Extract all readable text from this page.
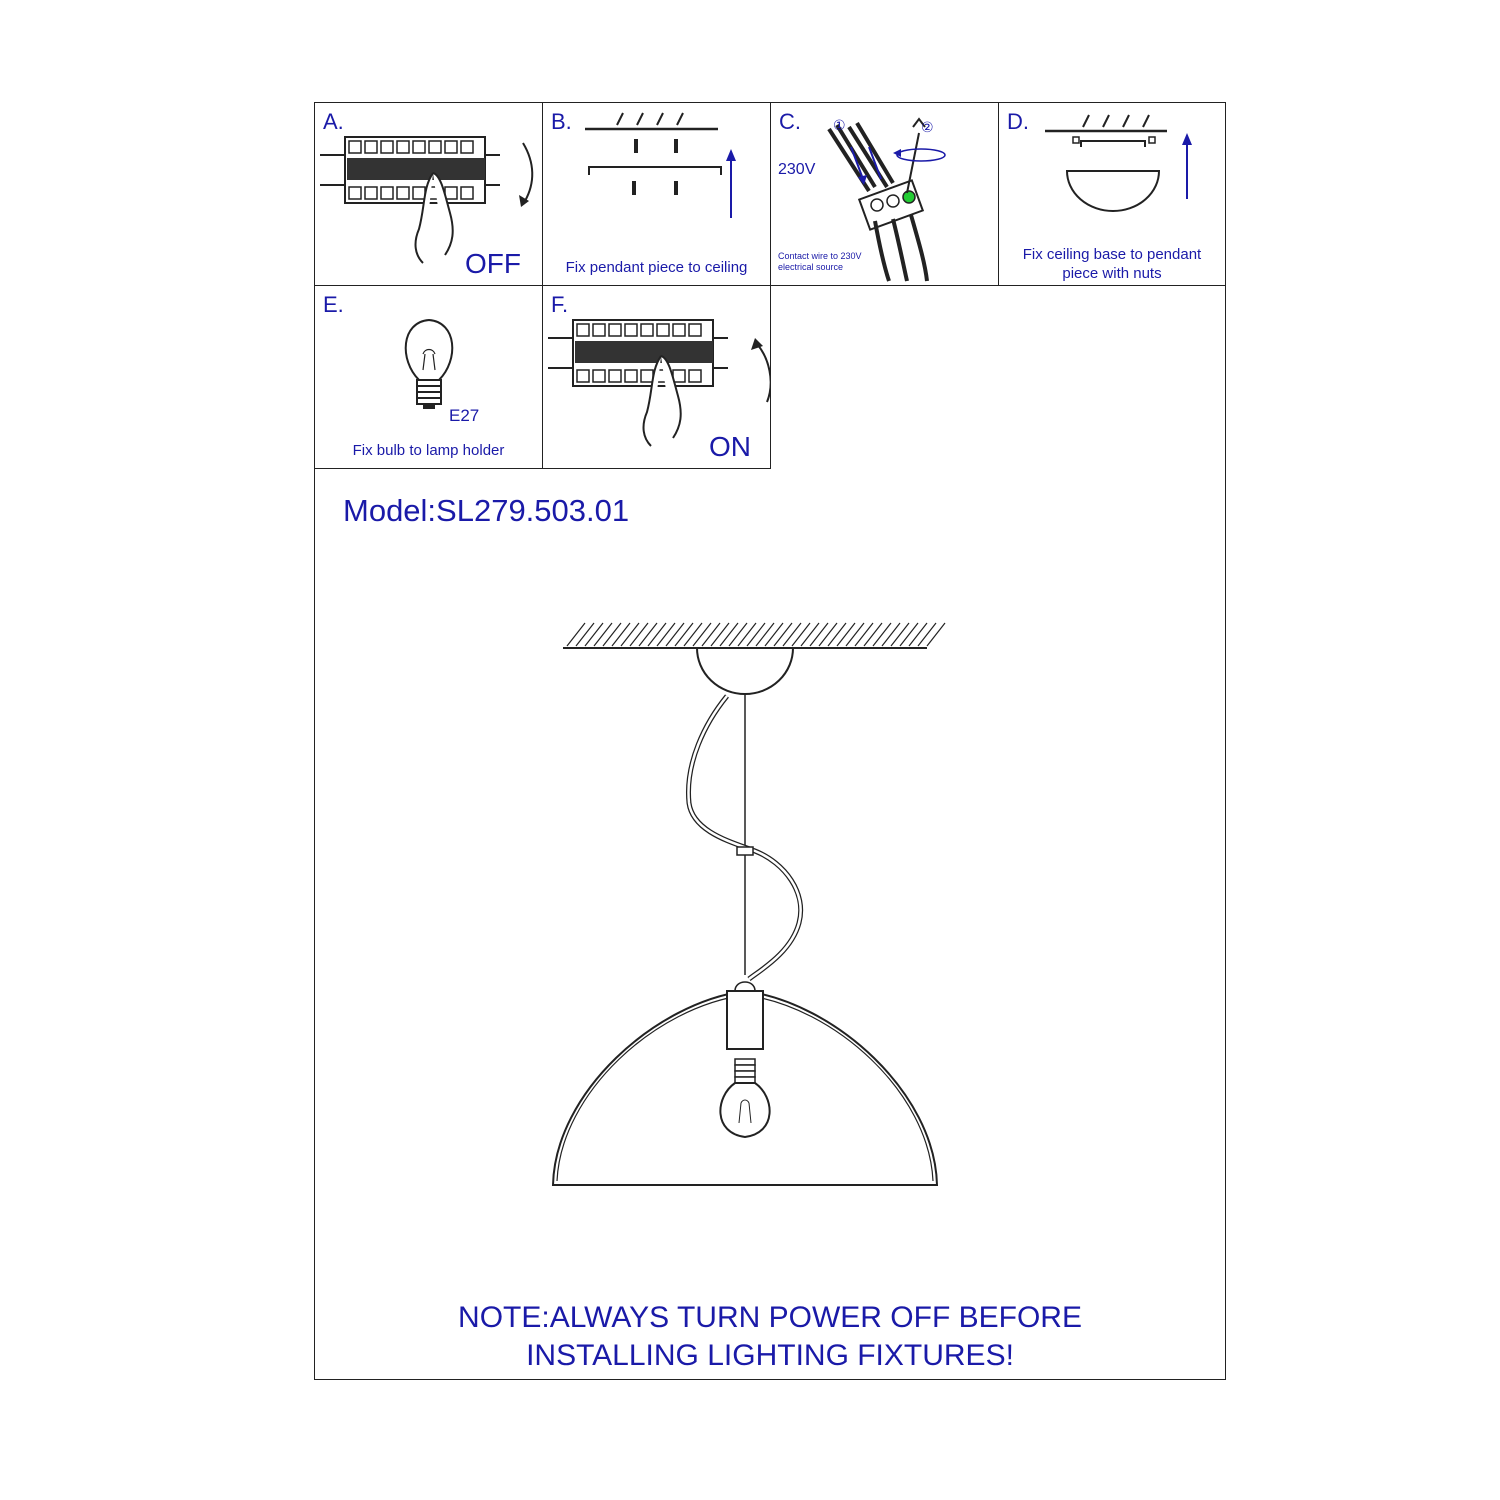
A.
OFF
B.
Fix pendant piece to ceiling
C.
230V
①	②
Contact wire to 230V
electrical source
D.
Fix ceiling base to pendant
piece with nuts
E.
E27
Fix bulb to lamp holder
F.
ON
Model:SL279.503.01
NOTE:ALWAYS TURN POWER OFF BEFORE
INSTALLING LIGHTING FIXTURES!
